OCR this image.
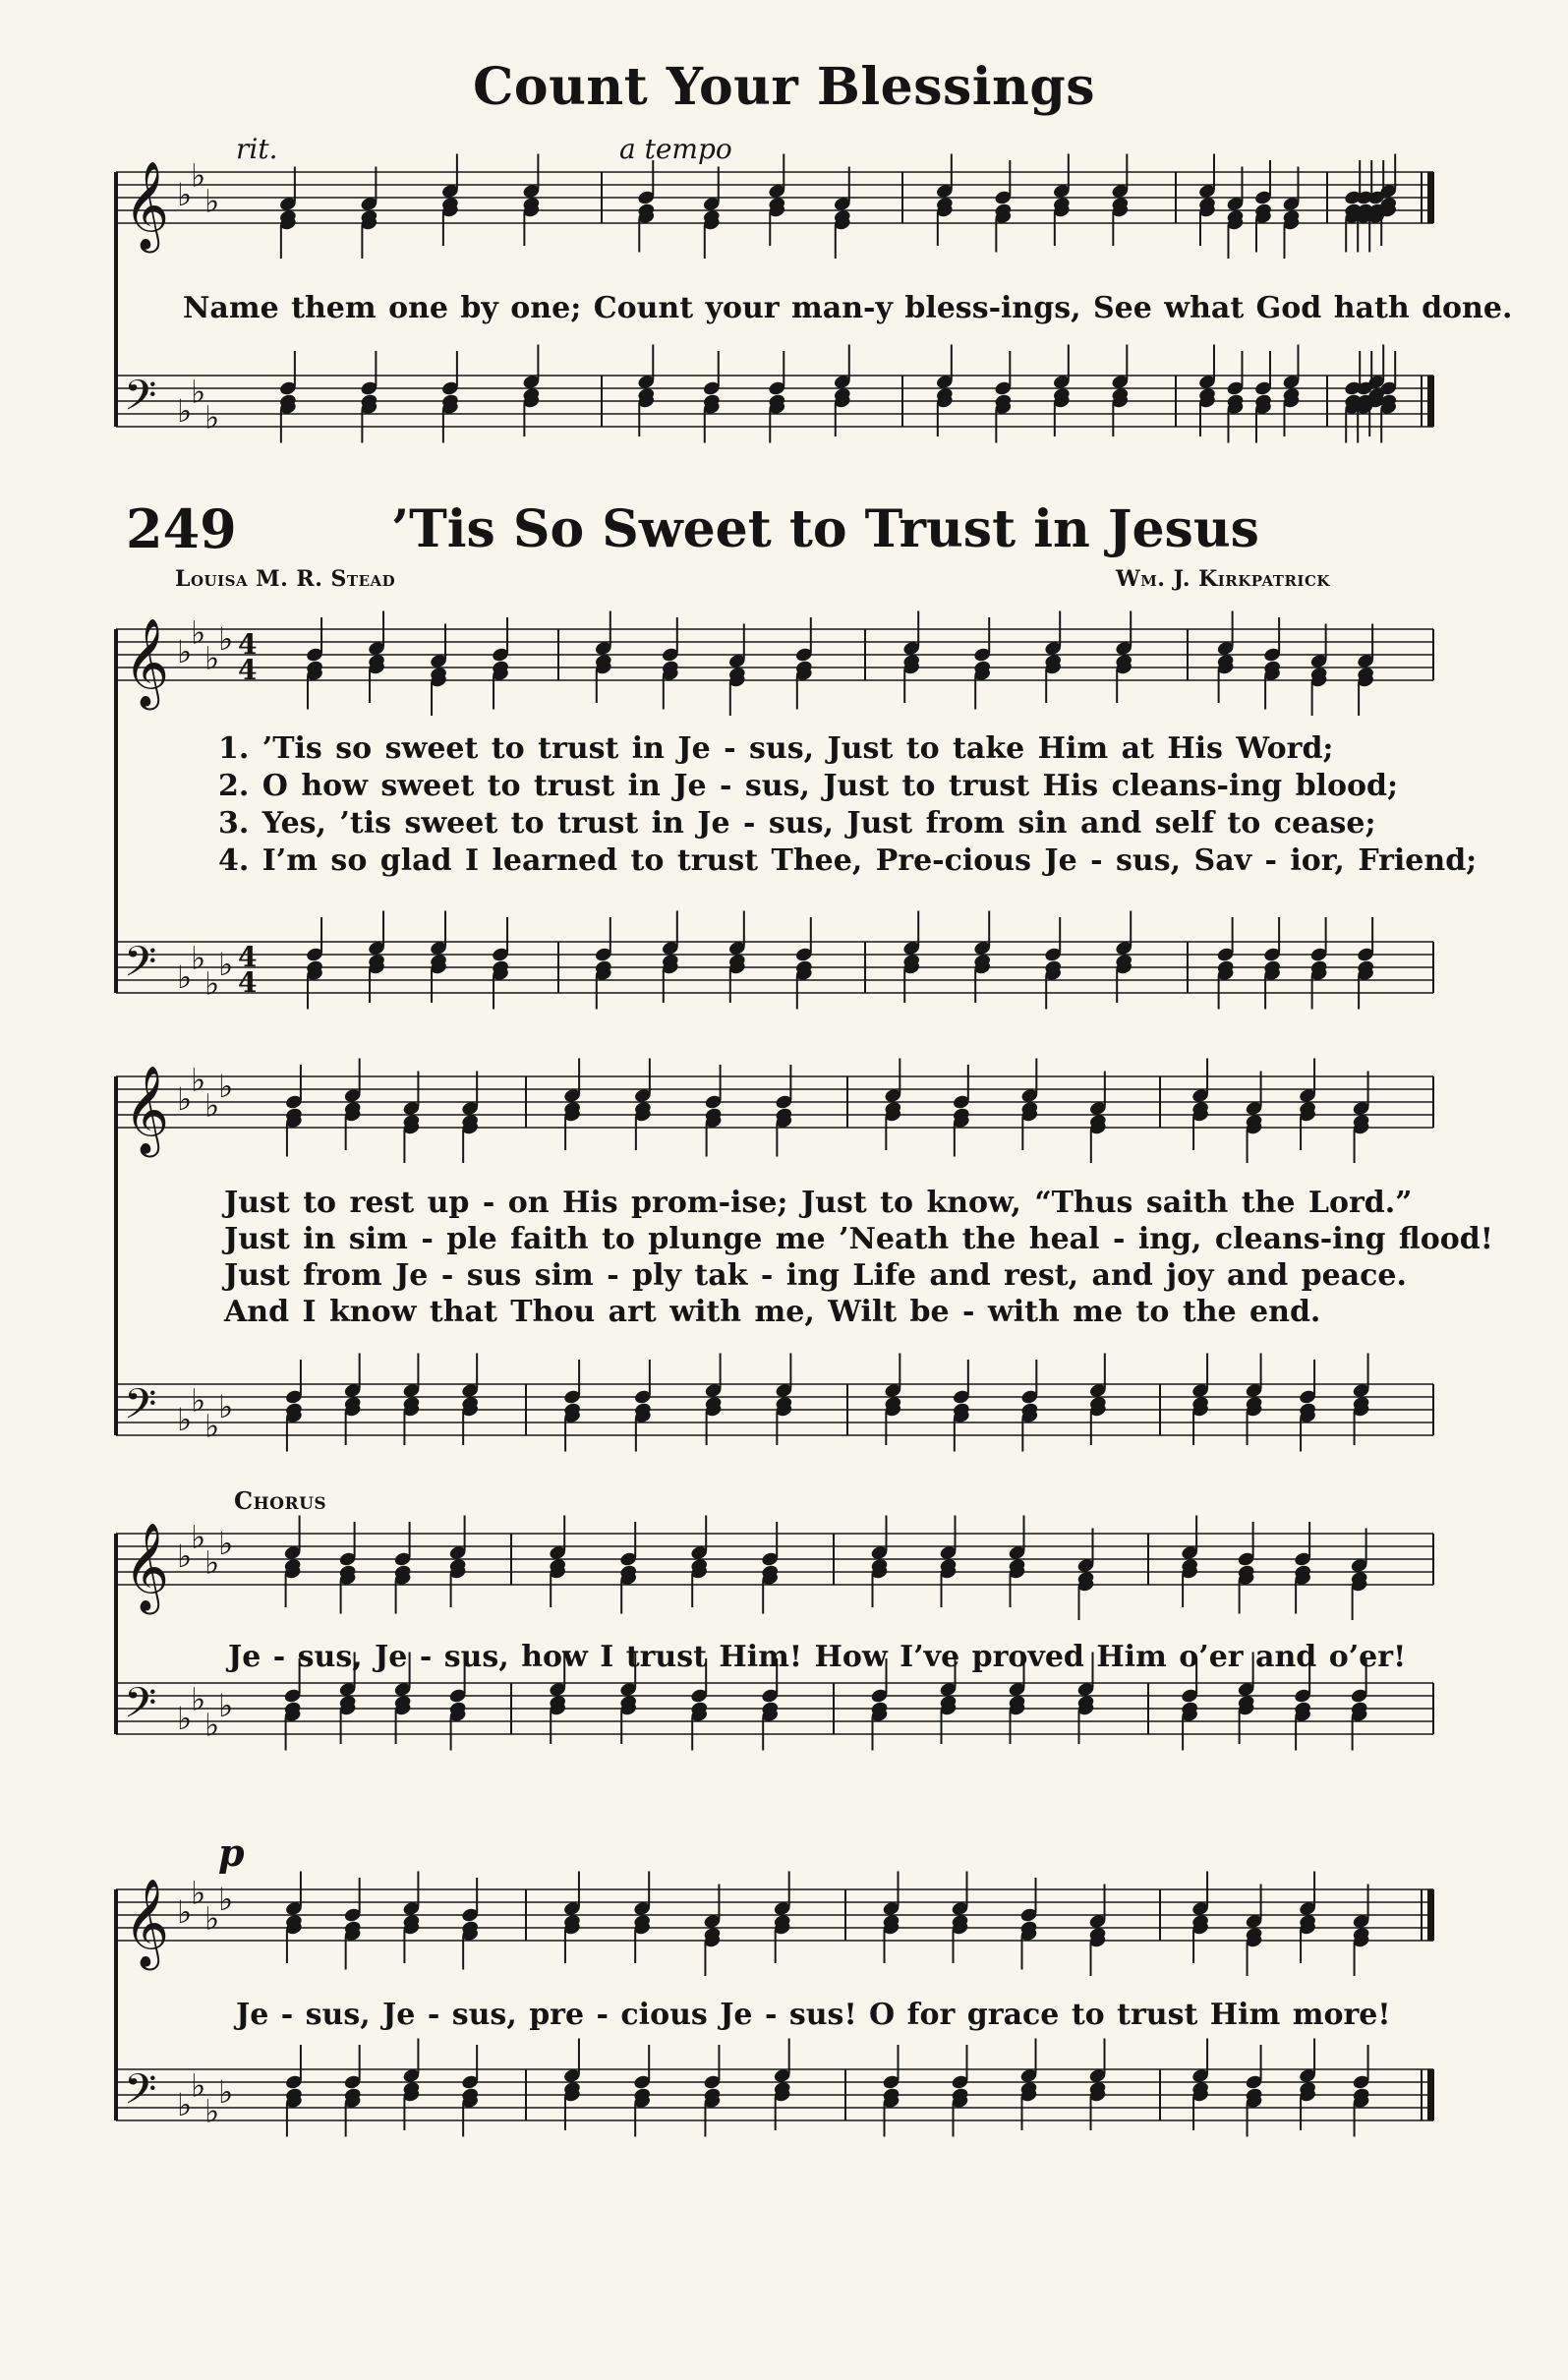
Count Your Blessings
rit.	a tempo
𝄞 ♭
♭
♭
𝄢 ♭
♭
♭
𝄞 ♭
♭
♭
♭ 4
4
𝄢 ♭
♭
♭
♭ 4
4
𝄞 ♭
♭
♭
♭
𝄢 ♭
♭
♭
♭
𝄞 ♭
♭
♭
♭
𝄢 ♭
♭
♭
♭
𝄞 ♭
♭
♭
♭
𝄢 ♭
♭
♭
♭
Name them one by one; Count your man-y bless-ings, See what God hath done.
249	’Tis So Sweet to Trust in Jesus
Louisa M. R. Stead	Wm. J. Kirkpatrick
1. ’Tis so sweet to trust in Je - sus, Just to take Him at His Word;
2. O how sweet to trust in Je - sus, Just to trust His cleans-ing blood;
3. Yes, ’tis sweet to trust in Je - sus, Just from sin and self to cease;
4. I’m so glad I learned to trust Thee, Pre-cious Je - sus, Sav - ior, Friend;
Just to rest up - on His prom-ise; Just to know, “Thus saith the Lord.”
Just in sim - ple faith to plunge me ’Neath the heal - ing, cleans-ing flood!
Just from Je - sus sim - ply tak - ing Life and rest, and joy and peace.
And I know that Thou art with me, Wilt be - with me to the end.
Chorus
Je - sus, Je - sus, how I trust Him! How I’ve proved Him o’er and o’er!
p
Je - sus, Je - sus, pre - cious Je - sus! O for grace to trust Him more!
